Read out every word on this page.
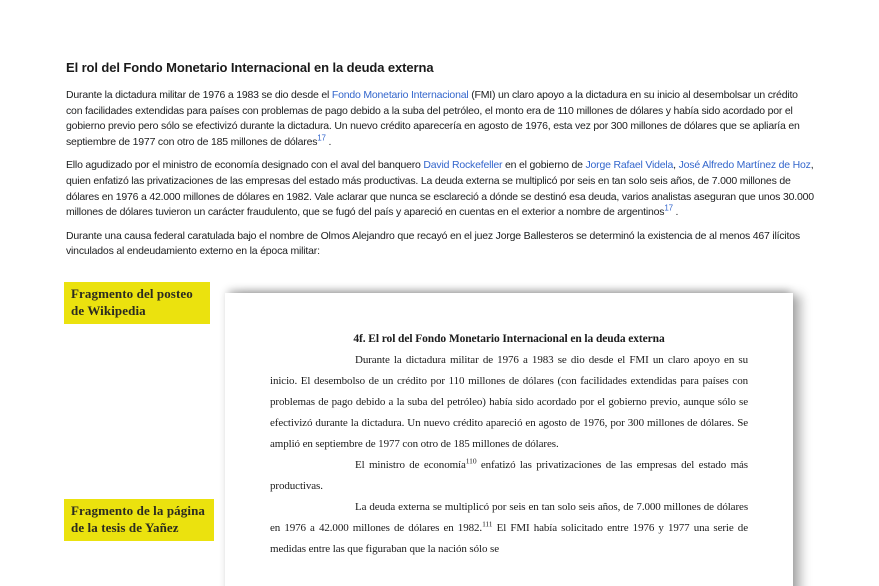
El rol del Fondo Monetario Internacional en la deuda externa

Durante la dictadura militar de 1976 a 1983 se dio desde el Fondo Monetario Internacional (FMI) un claro apoyo a la dictadura en su inicio al desembolsar un crédito con facilidades extendidas para países con problemas de pago debido a la suba del petróleo, el monto era de 110 millones de dólares y había sido acordado por el gobierno previo pero sólo se efectivizó durante la dictadura. Un nuevo crédito aparecería en agosto de 1976, esta vez por 300 millones de dólares que se apliaría en septiembre de 1977 con otro de 185 millones de dólares$^{17}$ .

Ello agudizado por el ministro de economía designado con el aval del banquero David Rockefeller en el gobierno de Jorge Rafael Videla, José Alfredo Martínez de Hoz, quien enfatizó las privatizaciones de las empresas del estado más productivas. La deuda externa se multiplicó por seis en tan solo seis años, de 7.000 millones de dólares en 1976 a 42.000 millones de dólares en 1982. Vale aclarar que nunca se esclareció a dónde se destinó esa deuda, varios analistas aseguran que unos 30.000 millones de dólares tuvieron un carácter fraudulento, que se fugó del país y apareció en cuentas en el exterior a nombre de argentinos$^{17}$ .

Durante una causa federal caratulada bajo el nombre de Olmos Alejandro que recayó en el juez Jorge Ballesteros se determinó la existencia de al menos 467 ilícitos vinculados al endeudamiento externo en la época militar:

Fragmento del posteo
de Wikipedia

4f. El rol del Fondo Monetario Internacional en la deuda externa

Durante la dictadura militar de 1976 a 1983 se dio desde el FMI un claro apoyo en su inicio. El desembolso de un crédito por 110 millones de dólares (con facilidades extendidas para países con problemas de pago debido a la suba del petróleo) había sido acordado por el gobierno previo, aunque sólo se efectivizó durante la dictadura. Un nuevo crédito apareció en agosto de 1976, por 300 millones de dólares. Se amplió en septiembre de 1977 con otro de 185 millones de dólares.

El ministro de economía$^{110}$ enfatizó las privatizaciones de las empresas del estado más productivas.

La deuda externa se multiplicó por seis en tan solo seis años, de 7.000 millones de dólares en 1976 a 42.000 millones de dólares en 1982.$^{111}$ El FMI había solicitado entre 1976 y 1977 una serie de medidas entre las que figuraban que la nación sólo se

Fragmento de la página
de la tesis de Yañez
